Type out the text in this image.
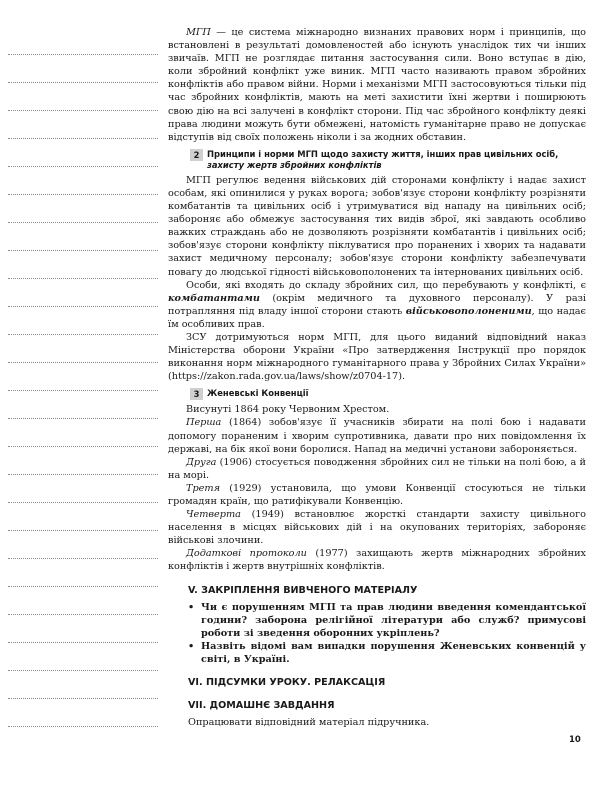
МГП — це система міжнародно визнаних правових норм і принципів, що встановлені в результаті домовленостей або існують унаслідок тих чи інших звичаїв. МГП не розглядає питання застосування сили. Воно вступає в дію, коли збройний конфлікт уже виник. МГП часто називають правом збройних конфліктів або правом війни. Норми і механізми МГП застосовуються тільки під час збройних конфліктів, мають на меті захистити їхні жертви і поширюють свою дію на всі залучені в конфлікт сторони. Під час збройного конфлікту деякі права людини можуть бути обмежені, натомість гуманітарне право не допускає відступів від своїх положень ніколи і за жодних обставин.

2 Принципи і норми МГП щодо захисту життя, інших прав цивільних осіб,
захисту жертв збройних конфліктів

МГП регулює ведення військових дій сторонами конфлікту і надає захист особам, які опинилися у руках ворога; зобов'язує сторони конфлікту розрізняти комбатантів та цивільних осіб і утримуватися від нападу на цивільних осіб; забороняє або обмежує застосування тих видів зброї, які завдають особливо важких страждань або не дозволяють розрізняти комбатантів і цивільних осіб; зобов'язує сторони конфлікту піклуватися про поранених і хворих та надавати захист медичному персоналу; зобов'язує сторони конфлікту забезпечувати повагу до людської гідності військовополонених та інтернованих цивільних осіб.

Особи, які входять до складу збройних сил, що перебувають у конфлікті, є комбатантами (окрім медичного та духовного персоналу). У разі потрапляння під владу іншої сторони стають військовополоненими, що надає їм особливих прав.

ЗСУ дотримуються норм МГП, для цього виданий відповідний наказ Міністерства оборони України «Про затвердження Інструкції про порядок виконання норм міжнародного гуманітарного права у Збройних Силах України» (https://zakon.rada.gov.ua/laws/show/z0704-17).

3 Женевські Конвенції

Висунуті 1864 року Червоним Хрестом.

Перша (1864) зобов'язує її учасників збирати на полі бою і надавати допомогу пораненим і хворим супротивника, давати про них повідомлення їх державі, на бік якої вони боролися. Напад на медичні установи забороняється.

Друга (1906) стосується поводження збройних сил не тільки на полі бою, а й на морі.

Третя (1929) установила, що умови Конвенції стосуються не тільки громадян країн, що ратифікували Конвенцію.

Четверта (1949) встановлює жорсткі стандарти захисту цивільного населення в місцях військових дій і на окупованих територіях, забороняє військові злочини.

Додаткові протоколи (1977) захищають жертв міжнародних збройних конфліктів і жертв внутрішніх конфліктів.

V. ЗАКРІПЛЕННЯ ВИВЧЕНОГО МАТЕРІАЛУ
• Чи є порушенням МГП та прав людини введення комендантської години? заборона релігійної літератури або служб? примусові роботи зі зведення оборонних укріплень?
• Назвіть відомі вам випадки порушення Женевських конвенцій у світі, в Україні.
VI. ПІДСУМКИ УРОКУ. РЕЛАКСАЦІЯ
VII. ДОМАШНЄ ЗАВДАННЯ

Опрацювати відповідний матеріал підручника.

10
